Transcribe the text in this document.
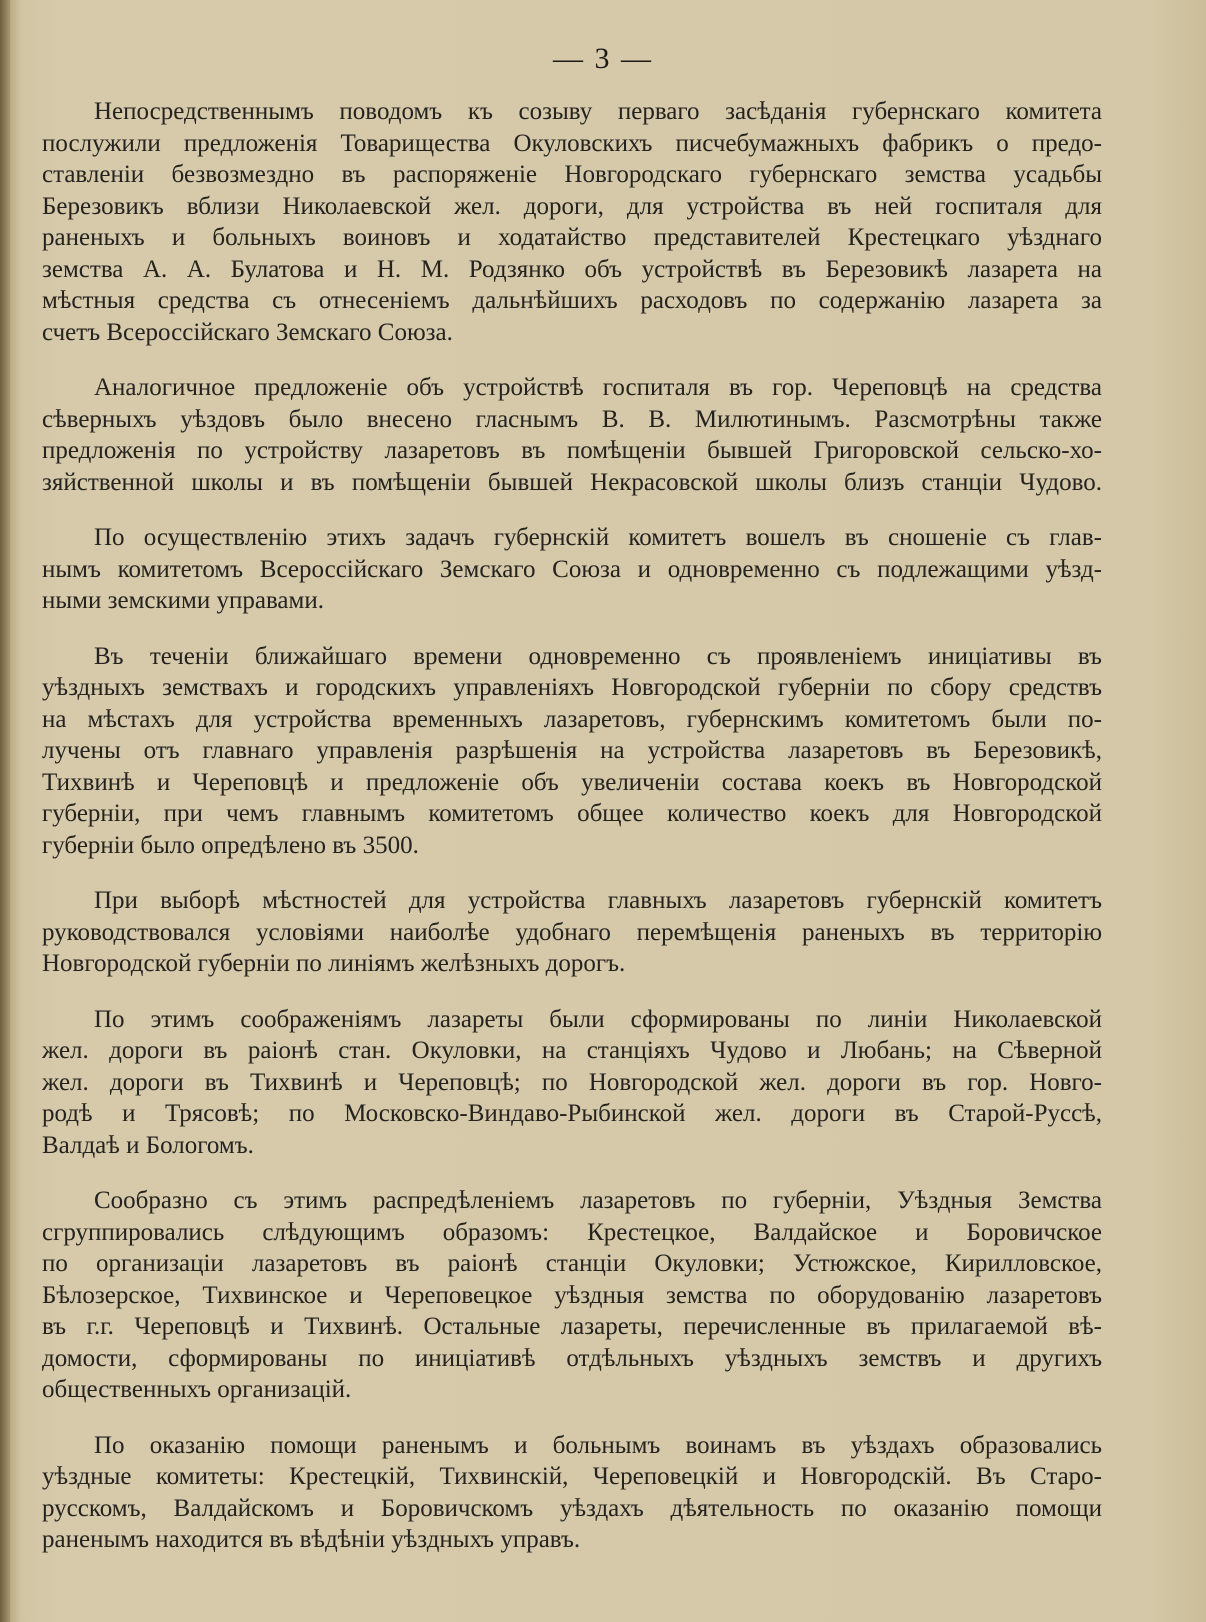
— 3 —
Непосредственнымъ поводомъ къ созыву перваго засѣданія губернскаго комитета
послужили предложенія Товарищества Окуловскихъ писчебумажныхъ фабрикъ о предо-
ставленіи безвозмездно въ распоряженіе Новгородскаго губернскаго земства усадьбы
Березовикъ вблизи Николаевской жел. дороги, для устройства въ ней госпиталя для
раненыхъ и больныхъ воиновъ и ходатайство представителей Крестецкаго уѣзднаго
земства А. А. Булатова и Н. М. Родзянко объ устройствѣ въ Березовикѣ лазарета на
мѣстныя средства съ отнесеніемъ дальнѣйшихъ расходовъ по содержанію лазарета за
счетъ Всероссійскаго Земскаго Союза.
Аналогичное предложеніе объ устройствѣ госпиталя въ гор. Череповцѣ на средства
сѣверныхъ уѣздовъ было внесено гласнымъ В. В. Милютинымъ. Разсмотрѣны также
предложенія по устройству лазаретовъ въ помѣщеніи бывшей Григоровской сельско-хо-
зяйственной школы и въ помѣщеніи бывшей Некрасовской школы близъ станціи Чудово.
По осуществленію этихъ задачъ губернскій комитетъ вошелъ въ сношеніе съ глав-
нымъ комитетомъ Всероссійскаго Земскаго Союза и одновременно съ подлежащими уѣзд-
ными земскими управами.
Въ теченіи ближайшаго времени одновременно съ проявленіемъ иниціативы въ
уѣздныхъ земствахъ и городскихъ управленіяхъ Новгородской губерніи по сбору средствъ
на мѣстахъ для устройства временныхъ лазаретовъ, губернскимъ комитетомъ были по-
лучены отъ главнаго управленія разрѣшенія на устройства лазаретовъ въ Березовикѣ,
Тихвинѣ и Череповцѣ и предложеніе объ увеличеніи состава коекъ въ Новгородской
губерніи, при чемъ главнымъ комитетомъ общее количество коекъ для Новгородской
губерніи было опредѣлено въ 3500.
При выборѣ мѣстностей для устройства главныхъ лазаретовъ губернскій комитетъ
руководствовался условіями наиболѣе удобнаго перемѣщенія раненыхъ въ территорію
Новгородской губерніи по линіямъ желѣзныхъ дорогъ.
По этимъ соображеніямъ лазареты были сформированы по линіи Николаевской
жел. дороги въ раіонѣ стан. Окуловки, на станціяхъ Чудово и Любань; на Сѣверной
жел. дороги въ Тихвинѣ и Череповцѣ; по Новгородской жел. дороги въ гор. Новго-
родѣ и Трясовѣ; по Московско-Виндаво-Рыбинской жел. дороги въ Старой-Руссѣ,
Валдаѣ и Бологомъ.
Сообразно съ этимъ распредѣленіемъ лазаретовъ по губерніи, Уѣздныя Земства
сгруппировались слѣдующимъ образомъ: Крестецкое, Валдайское и Боровичское
по организаціи лазаретовъ въ раіонѣ станціи Окуловки; Устюжское, Кирилловское,
Бѣлозерское, Тихвинское и Череповецкое уѣздныя земства по оборудованію лазаретовъ
въ г.г. Череповцѣ и Тихвинѣ. Остальные лазареты, перечисленные въ прилагаемой вѣ-
домости, сформированы по иниціативѣ отдѣльныхъ уѣздныхъ земствъ и другихъ
общественныхъ организацій.
По оказанію помощи раненымъ и больнымъ воинамъ въ уѣздахъ образовались
уѣздные комитеты: Крестецкій, Тихвинскій, Череповецкій и Новгородскій. Въ Старо-
русскомъ, Валдайскомъ и Боровичскомъ уѣздахъ дѣятельность по оказанію помощи
раненымъ находится въ вѣдѣніи уѣздныхъ управъ.
